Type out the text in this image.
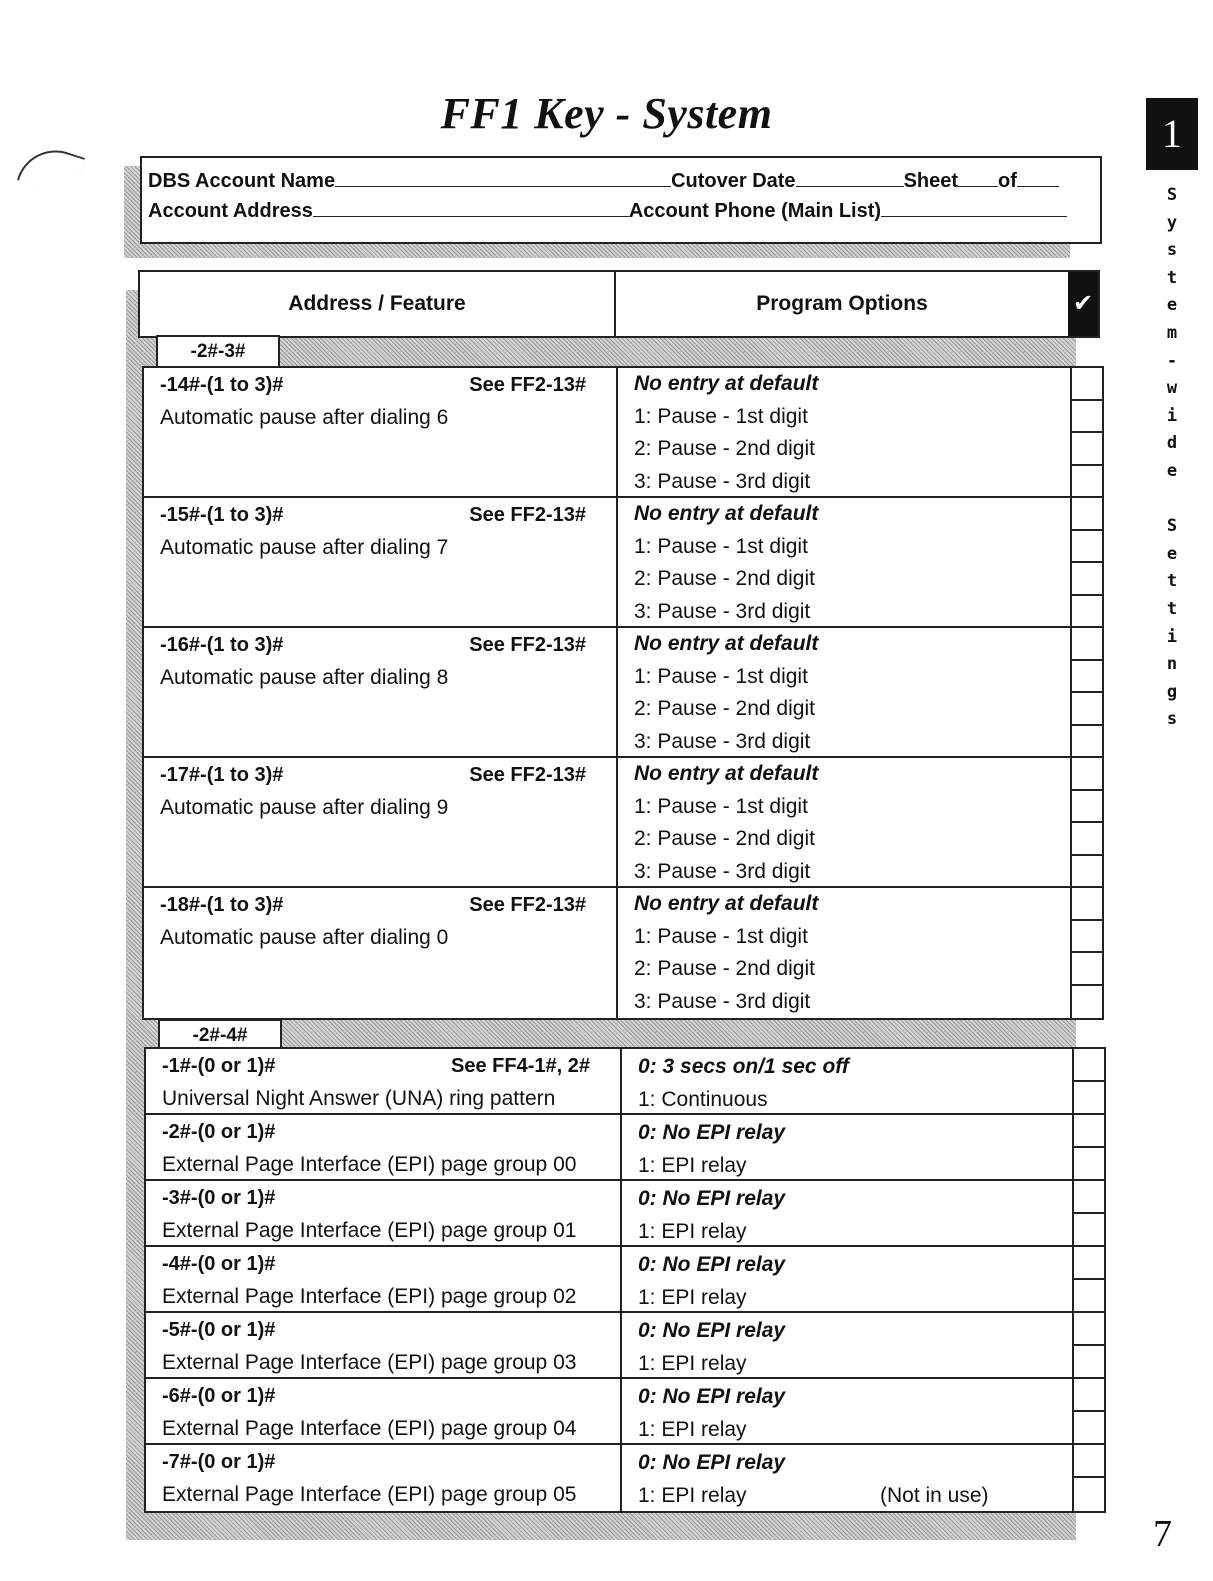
FF1 Key - System	1
S
y
s
t
e
m
-
w
i
d
e
S
e
t
t
i
n
g
s
7
DBS Account Name	Cutover Date	Sheet of
Account Address	Account Phone (Main List)
Address / Feature	Program Options	✔
-2#-3#
-14#-(1 to 3)#	See FF2-13#
Automatic pause after dialing 6
No entry at default
1: Pause - 1st digit
2: Pause - 2nd digit
3: Pause - 3rd digit
-15#-(1 to 3)#	See FF2-13#
Automatic pause after dialing 7
No entry at default
1: Pause - 1st digit
2: Pause - 2nd digit
3: Pause - 3rd digit
-16#-(1 to 3)#	See FF2-13#
Automatic pause after dialing 8
No entry at default
1: Pause - 1st digit
2: Pause - 2nd digit
3: Pause - 3rd digit
-17#-(1 to 3)#	See FF2-13#
Automatic pause after dialing 9
No entry at default
1: Pause - 1st digit
2: Pause - 2nd digit
3: Pause - 3rd digit
-18#-(1 to 3)#	See FF2-13#
Automatic pause after dialing 0
No entry at default
1: Pause - 1st digit
2: Pause - 2nd digit
3: Pause - 3rd digit
-2#-4#
-1#-(0 or 1)#	See FF4-1#, 2#
Universal Night Answer (UNA) ring pattern
0: 3 secs on/1 sec off
1: Continuous
-2#-(0 or 1)#
External Page Interface (EPI) page group 00
0: No EPI relay
1: EPI relay
-3#-(0 or 1)#
External Page Interface (EPI) page group 01
0: No EPI relay
1: EPI relay
-4#-(0 or 1)#
External Page Interface (EPI) page group 02
0: No EPI relay
1: EPI relay
-5#-(0 or 1)#
External Page Interface (EPI) page group 03
0: No EPI relay
1: EPI relay
-6#-(0 or 1)#
External Page Interface (EPI) page group 04
0: No EPI relay
1: EPI relay
-7#-(0 or 1)#
External Page Interface (EPI) page group 05
0: No EPI relay
1: EPI relay	(Not in use)
